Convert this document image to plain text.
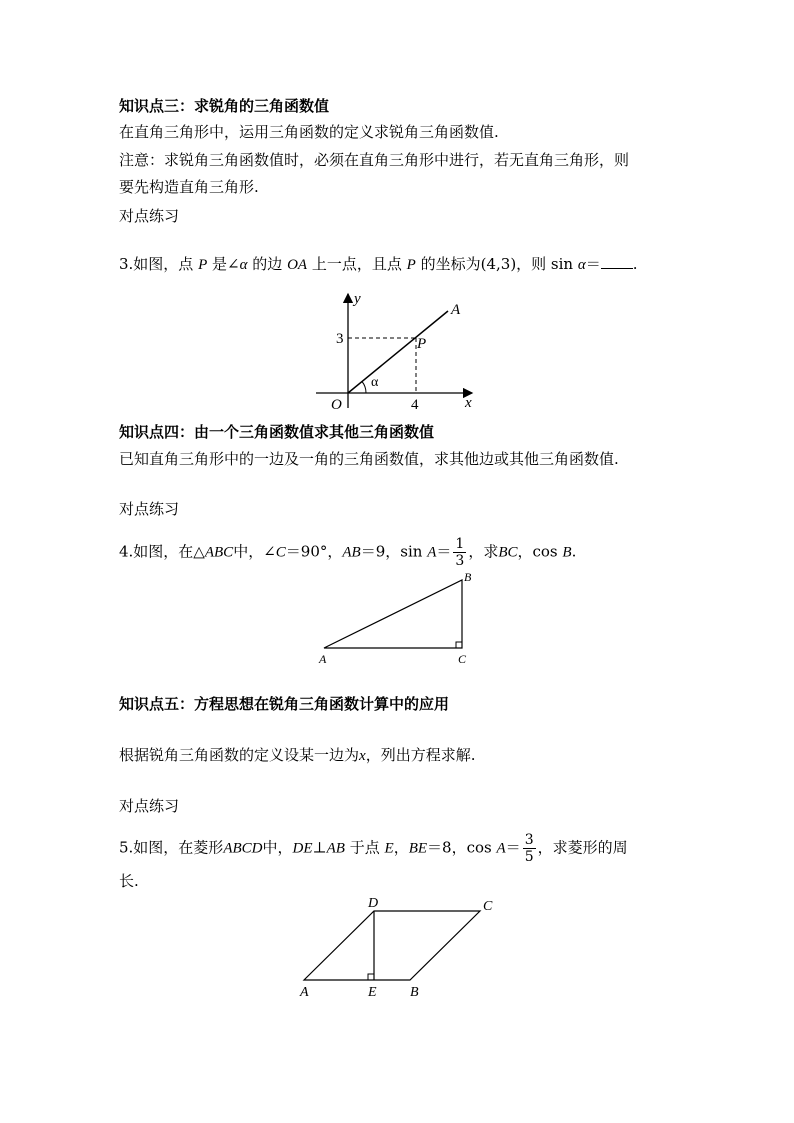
知识点三：求锐角的三角函数值
在直角三角形中，运用三角函数的定义求锐角三角函数值.
注意：求锐角三角函数值时，必须在直角三角形中进行，若无直角三角形，则
要先构造直角三角形.
对点练习
3.如图，点 P 是∠α 的边 OA 上一点，且点 P 的坐标为(4,3)，则 sin α＝ .
y
A
3	P
α
O	4	x
知识点四：由一个三角函数值求其他三角函数值
已知直角三角形中的一边及一角的三角函数值，求其他边或其他三角函数值.
对点练习
4.如图，在△ABC中，∠C＝90°，AB＝9，$\sin A= \frac{1}{3}$ ，求BC，cos B.
A
B
C
知识点五：方程思想在锐角三角函数计算中的应用
根据锐角三角函数的定义设某一边为x，列出方程求解.
对点练习
5.如图，在菱形ABCD中，DE⊥AB 于点 E，BE＝8，$\cos A= \frac{3}{5}$ ，求菱形的周
长.
D	C
A	E B
